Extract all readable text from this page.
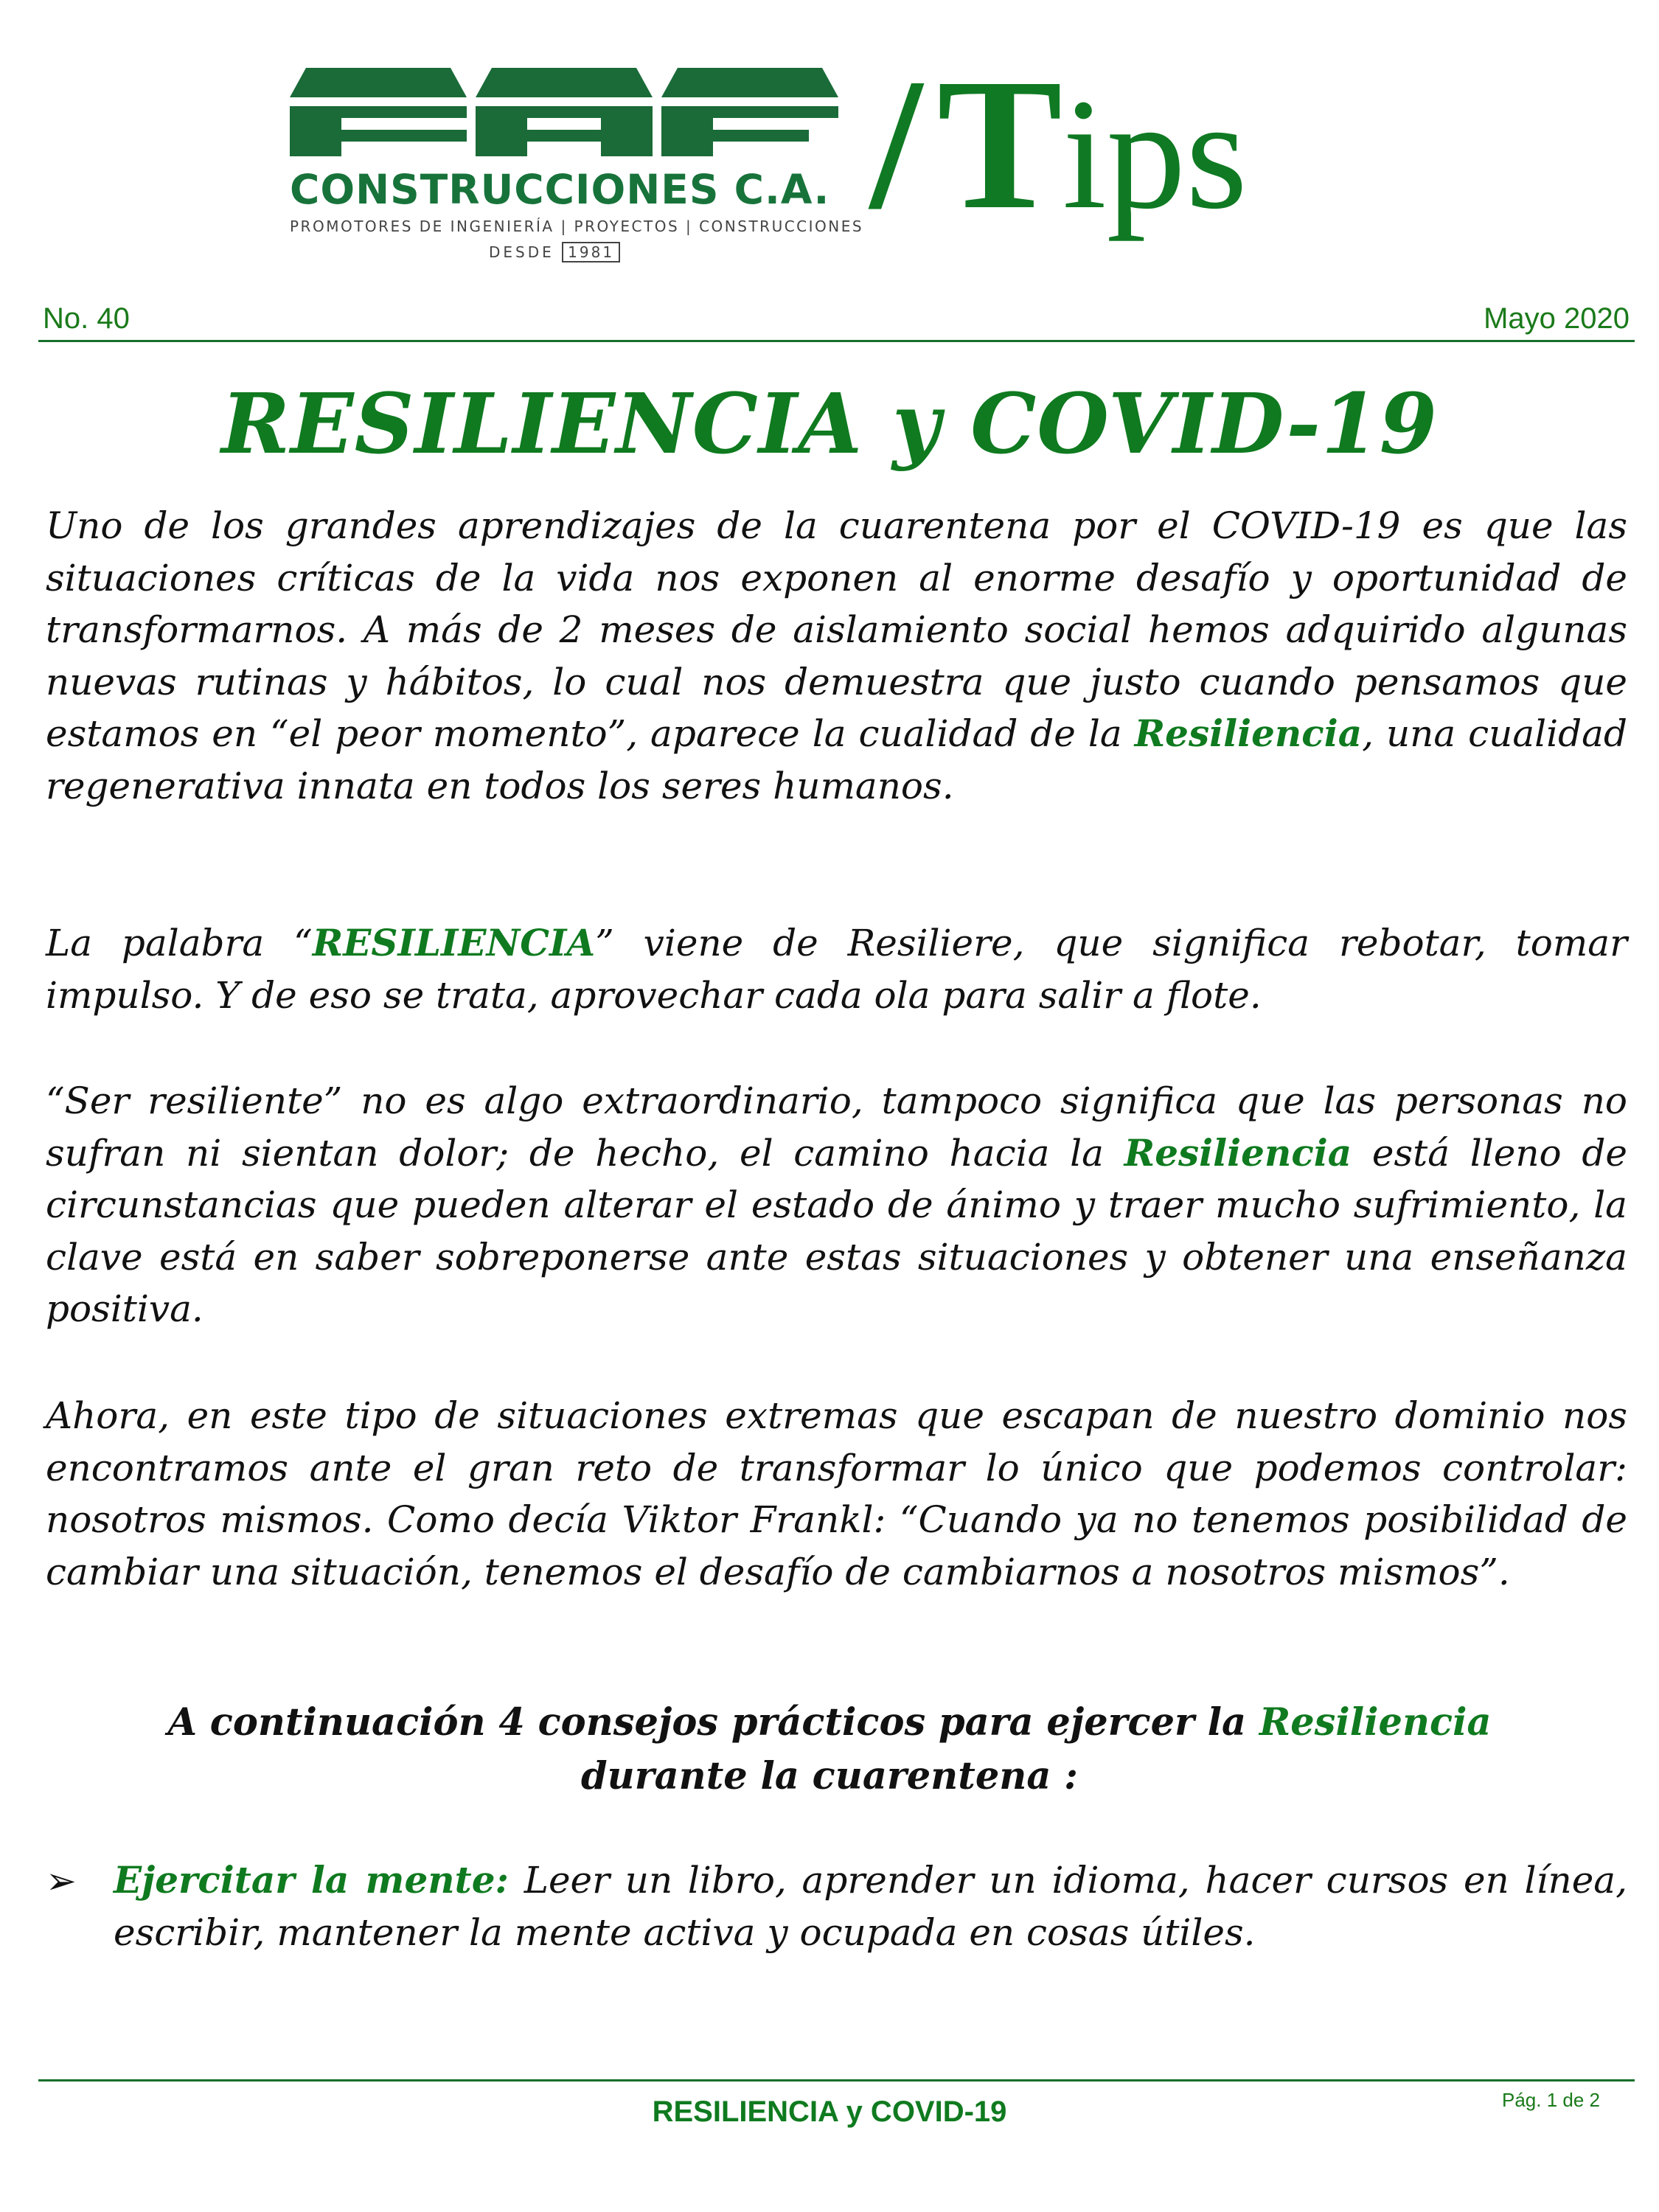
CONSTRUCCIONES C.A.
PROMOTORES DE INGENIERÍA | PROYECTOS | CONSTRUCCIONES
DESDE 1981
/Tips
No. 40	Mayo 2020
RESILIENCIA y COVID-19

Uno de los grandes aprendizajes de la cuarentena por el COVID-19 es que las situaciones críticas de la vida nos exponen al enorme desafío y oportunidad de transformarnos. A más de 2 meses de aislamiento social hemos adquirido algunas nuevas rutinas y hábitos, lo cual nos demuestra que justo cuando pensamos que estamos en “el peor momento”, aparece la cualidad de la Resiliencia, una cualidad regenerativa innata en todos los seres humanos.

La palabra “RESILIENCIA” viene de Resiliere, que significa rebotar, tomar impulso. Y de eso se trata, aprovechar cada ola para salir a flote.

“Ser resiliente” no es algo extraordinario, tampoco significa que las personas no sufran ni sientan dolor; de hecho, el camino hacia la Resiliencia está lleno de circunstancias que pueden alterar el estado de ánimo y traer mucho sufrimiento, la clave está en saber sobreponerse ante estas situaciones y obtener una enseñanza positiva.

Ahora, en este tipo de situaciones extremas que escapan de nuestro dominio nos encontramos ante el gran reto de transformar lo único que podemos controlar: nosotros mismos. Como decía Viktor Frankl: “Cuando ya no tenemos posibilidad de cambiar una situación, tenemos el desafío de cambiarnos a nosotros mismos”.

A continuación 4 consejos prácticos para ejercer la Resiliencia durante la cuarentena :

➢ Ejercitar la mente: Leer un libro, aprender un idioma, hacer cursos en línea, escribir, mantener la mente activa y ocupada en cosas útiles.

RESILIENCIA y COVID-19	Pág. 1 de 2
